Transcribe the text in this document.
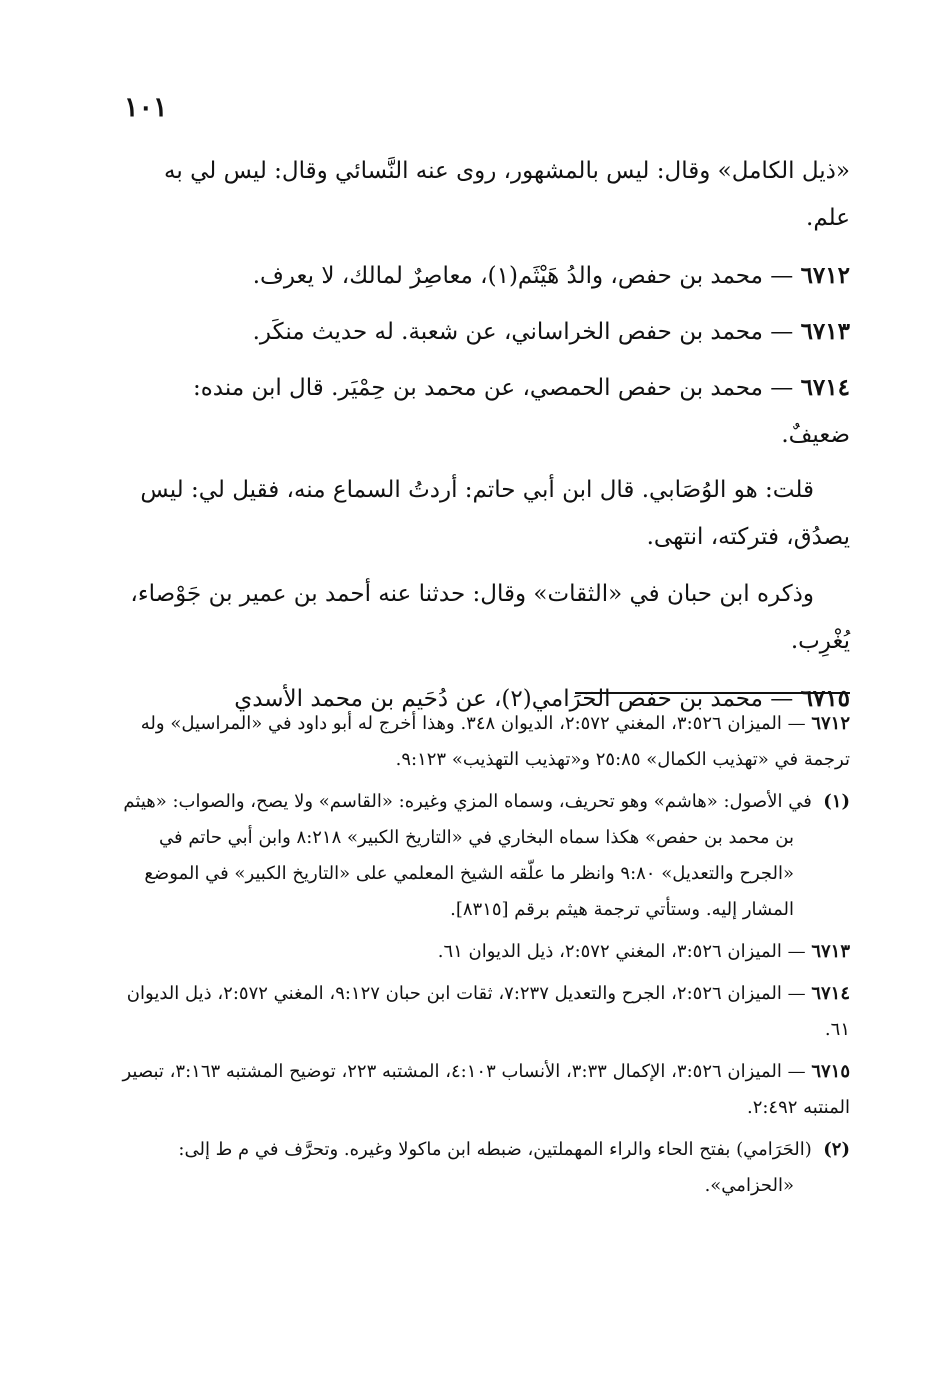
١٠١

«ذيل الكامل» وقال: ليس بالمشهور، روى عنه النَّسائي وقال: ليس لي به علم.

٦٧١٢ — محمد بن حفص، والدُ هَيْثَم(١)، معاصِرٌ لمالك، لا يعرف.

٦٧١٣ — محمد بن حفص الخراساني، عن شعبة. له حديث منكَر.

٦٧١٤ — محمد بن حفص الحمصي، عن محمد بن حِمْيَر. قال ابن منده: ضعيفٌ.

قلت: هو الوُصَابي. قال ابن أبي حاتم: أردتُ السماع منه، فقيل لي: ليس يصدُق، فتركته، انتهى.

وذكره ابن حبان في «الثقات» وقال: حدثنا عنه أحمد بن عمير بن جَوْصاء، يُغْرِب.

٦٧١٥ — محمد بن حفص الحَرَامي(٢)، عن دُحَيم بن محمد الأسدي

٦٧١٢ — الميزان ٣:٥٢٦، المغني ٢:٥٧٢، الديوان ٣٤٨. وهذا أخرج له أبو داود في «المراسيل» وله ترجمة في «تهذيب الكمال» ٢٥:٨٥ و«تهذيب التهذيب» ٩:١٢٣.

(١)  في الأصول: «هاشم» وهو تحريف، وسماه المزي وغيره: «القاسم» ولا يصح، والصواب: «هيثم بن محمد بن حفص» هكذا سماه البخاري في «التاريخ الكبير» ٨:٢١٨ وابن أبي حاتم في «الجرح والتعديل» ٩:٨٠ وانظر ما علّقه الشيخ المعلمي على «التاريخ الكبير» في الموضع المشار إليه. وستأتي ترجمة هيثم برقم [٨٣١٥].

٦٧١٣ — الميزان ٣:٥٢٦، المغني ٢:٥٧٢، ذيل الديوان ٦١.

٦٧١٤ — الميزان ٢:٥٢٦، الجرح والتعديل ٧:٢٣٧، ثقات ابن حبان ٩:١٢٧، المغني ٢:٥٧٢، ذيل الديوان ٦١.

٦٧١٥ — الميزان ٣:٥٢٦، الإكمال ٣:٣٣، الأنساب ٤:١٠٣، المشتبه ٢٢٣، توضيح المشتبه ٣:١٦٣، تبصير المنتبه ٢:٤٩٢.

(٢)  (الحَرَامي) بفتح الحاء والراء المهملتين، ضبطه ابن ماكولا وغيره. وتحرَّف في م ط إلى: «الحزامي».
